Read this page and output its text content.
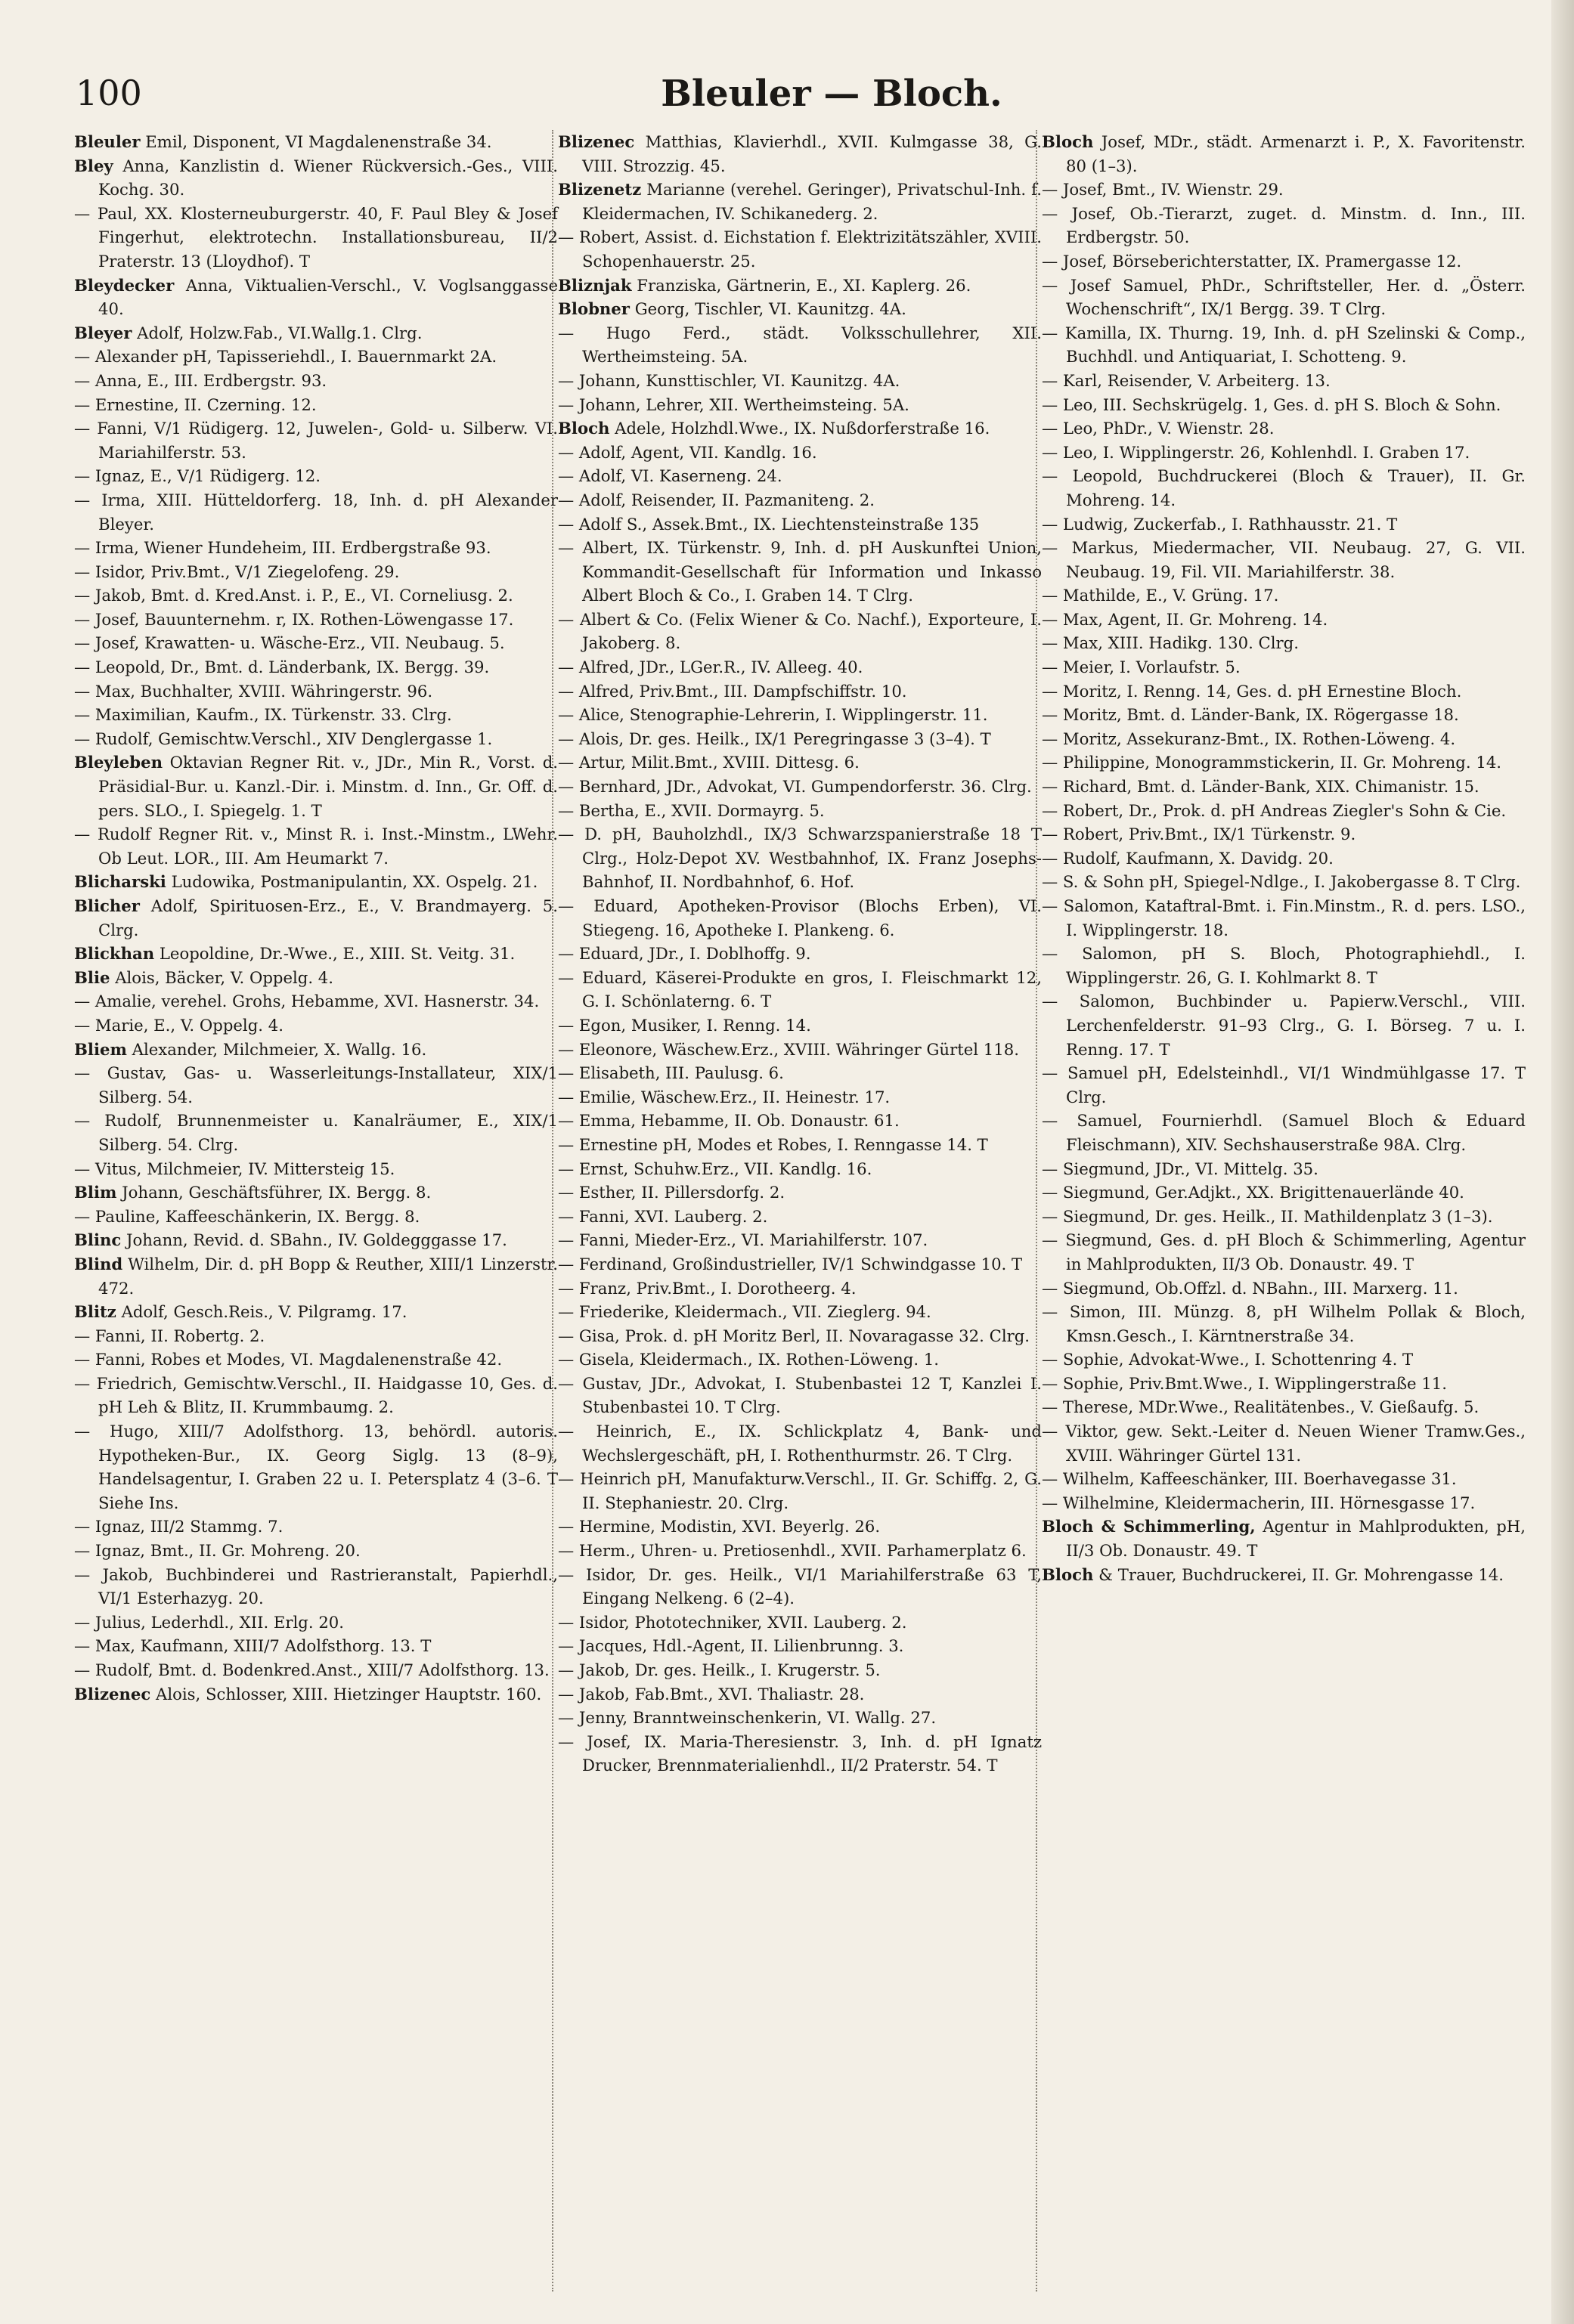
100	Bleuler — Bloch.

Bleuler Emil, Disponent, VI Magdalenenstraße 34.

Bley Anna, Kanzlistin d. Wiener Rückversich.-Ges., VIII. Kochg. 30.

— Paul, XX. Klosterneuburgerstr. 40, F. Paul Bley & Josef Fingerhut, elektrotechn. Installationsbureau, II/2 Praterstr. 13 (Lloydhof). T

Bleydecker Anna, Viktualien-Verschl., V. Voglsanggasse 40.

Bleyer Adolf, Holzw.Fab., VI.Wallg.1. Clrg.

— Alexander pH, Tapisseriehdl., I. Bauernmarkt 2A.

— Anna, E., III. Erdbergstr. 93.

— Ernestine, II. Czerning. 12.

— Fanni, V/1 Rüdigerg. 12, Juwelen-, Gold- u. Silberw. VI. Mariahilferstr. 53.

— Ignaz, E., V/1 Rüdigerg. 12.

— Irma, XIII. Hütteldorferg. 18, Inh. d. pH Alexander Bleyer.

— Irma, Wiener Hundeheim, III. Erdbergstraße 93.

— Isidor, Priv.Bmt., V/1 Ziegelofeng. 29.

— Jakob, Bmt. d. Kred.Anst. i. P., E., VI. Corneliusg. 2.

— Josef, Bauunternehm. r, IX. Rothen-Löwengasse 17.

— Josef, Krawatten- u. Wäsche-Erz., VII. Neubaug. 5.

— Leopold, Dr., Bmt. d. Länderbank, IX. Bergg. 39.

— Max, Buchhalter, XVIII. Währingerstr. 96.

— Maximilian, Kaufm., IX. Türkenstr. 33. Clrg.

— Rudolf, Gemischtw.Verschl., XIV Denglergasse 1.

Bleyleben Oktavian Regner Rit. v., JDr., Min R., Vorst. d. Präsidial-Bur. u. Kanzl.-Dir. i. Minstm. d. Inn., Gr. Off. d. pers. SLO., I. Spiegelg. 1. T

— Rudolf Regner Rit. v., Minst R. i. Inst.-Minstm., LWehr. Ob Leut. LOR., III. Am Heumarkt 7.

Blicharski Ludowika, Postmanipulantin, XX. Ospelg. 21.

Blicher Adolf, Spirituosen-Erz., E., V. Brandmayerg. 5. Clrg.

Blickhan Leopoldine, Dr.-Wwe., E., XIII. St. Veitg. 31.

Blie Alois, Bäcker, V. Oppelg. 4.

— Amalie, verehel. Grohs, Hebamme, XVI. Hasnerstr. 34.

— Marie, E., V. Oppelg. 4.

Bliem Alexander, Milchmeier, X. Wallg. 16.

— Gustav, Gas- u. Wasserleitungs-Installateur, XIX/1 Silberg. 54.

— Rudolf, Brunnenmeister u. Kanalräumer, E., XIX/1 Silberg. 54. Clrg.

— Vitus, Milchmeier, IV. Mittersteig 15.

Blim Johann, Geschäftsführer, IX. Bergg. 8.

— Pauline, Kaffeeschänkerin, IX. Bergg. 8.

Blinc Johann, Revid. d. SBahn., IV. Goldegggasse 17.

Blind Wilhelm, Dir. d. pH Bopp & Reuther, XIII/1 Linzerstr. 472.

Blitz Adolf, Gesch.Reis., V. Pilgramg. 17.

— Fanni, II. Robertg. 2.

— Fanni, Robes et Modes, VI. Magdalenenstraße 42.

— Friedrich, Gemischtw.Verschl., II. Haidgasse 10, Ges. d. pH Leh & Blitz, II. Krummbaumg. 2.

— Hugo, XIII/7 Adolfsthorg. 13, behördl. autoris. Hypotheken-Bur., IX. Georg Siglg. 13 (8–9), Handelsagentur, I. Graben 22 u. I. Petersplatz 4 (3–6. T Siehe Ins.

— Ignaz, III/2 Stammg. 7.

— Ignaz, Bmt., II. Gr. Mohreng. 20.

— Jakob, Buchbinderei und Rastrieranstalt, Papierhdl., VI/1 Esterhazyg. 20.

— Julius, Lederhdl., XII. Erlg. 20.

— Max, Kaufmann, XIII/7 Adolfsthorg. 13. T

— Rudolf, Bmt. d. Bodenkred.Anst., XIII/7 Adolfsthorg. 13.

Blizenec Alois, Schlosser, XIII. Hietzinger Hauptstr. 160.

Blizenec Matthias, Klavierhdl., XVII. Kulmgasse 38, G. VIII. Strozzig. 45.

Blizenetz Marianne (verehel. Geringer), Privatschul-Inh. f. Kleidermachen, IV. Schikanederg. 2.

— Robert, Assist. d. Eichstation f. Elektrizitätszähler, XVIII. Schopenhauerstr. 25.

Bliznjak Franziska, Gärtnerin, E., XI. Kaplerg. 26.

Blobner Georg, Tischler, VI. Kaunitzg. 4A.

— Hugo Ferd., städt. Volksschullehrer, XII. Wertheimsteing. 5A.

— Johann, Kunsttischler, VI. Kaunitzg. 4A.

— Johann, Lehrer, XII. Wertheimsteing. 5A.

Bloch Adele, Holzhdl.Wwe., IX. Nußdorferstraße 16.

— Adolf, Agent, VII. Kandlg. 16.

— Adolf, VI. Kaserneng. 24.

— Adolf, Reisender, II. Pazmaniteng. 2.

— Adolf S., Assek.Bmt., IX. Liechtensteinstraße 135

— Albert, IX. Türkenstr. 9, Inh. d. pH Auskunftei Union, Kommandit-Gesellschaft für Information und Inkasso Albert Bloch & Co., I. Graben 14. T Clrg.

— Albert & Co. (Felix Wiener & Co. Nachf.), Exporteure, I. Jakoberg. 8.

— Alfred, JDr., LGer.R., IV. Alleeg. 40.

— Alfred, Priv.Bmt., III. Dampfschiffstr. 10.

— Alice, Stenographie-Lehrerin, I. Wipplingerstr. 11.

— Alois, Dr. ges. Heilk., IX/1 Peregringasse 3 (3–4). T

— Artur, Milit.Bmt., XVIII. Dittesg. 6.

— Bernhard, JDr., Advokat, VI. Gumpendorferstr. 36. Clrg.

— Bertha, E., XVII. Dormayrg. 5.

— D. pH, Bauholzhdl., IX/3 Schwarzspanierstraße 18 T Clrg., Holz-Depot XV. Westbahnhof, IX. Franz Josephs-Bahnhof, II. Nordbahnhof, 6. Hof.

— Eduard, Apotheken-Provisor (Blochs Erben), VI. Stiegeng. 16, Apotheke I. Plankeng. 6.

— Eduard, JDr., I. Doblhoffg. 9.

— Eduard, Käserei-Produkte en gros, I. Fleischmarkt 12, G. I. Schönlaterng. 6. T

— Egon, Musiker, I. Renng. 14.

— Eleonore, Wäschew.Erz., XVIII. Währinger Gürtel 118.

— Elisabeth, III. Paulusg. 6.

— Emilie, Wäschew.Erz., II. Heinestr. 17.

— Emma, Hebamme, II. Ob. Donaustr. 61.

— Ernestine pH, Modes et Robes, I. Renngasse 14. T

— Ernst, Schuhw.Erz., VII. Kandlg. 16.

— Esther, II. Pillersdorfg. 2.

— Fanni, XVI. Lauberg. 2.

— Fanni, Mieder-Erz., VI. Mariahilferstr. 107.

— Ferdinand, Großindustrieller, IV/1 Schwindgasse 10. T

— Franz, Priv.Bmt., I. Dorotheerg. 4.

— Friederike, Kleidermach., VII. Zieglerg. 94.

— Gisa, Prok. d. pH Moritz Berl, II. Novaragasse 32. Clrg.

— Gisela, Kleidermach., IX. Rothen-Löweng. 1.

— Gustav, JDr., Advokat, I. Stubenbastei 12 T, Kanzlei I. Stubenbastei 10. T Clrg.

— Heinrich, E., IX. Schlickplatz 4, Bank- und Wechslergeschäft, pH, I. Rothenthurmstr. 26. T Clrg.

— Heinrich pH, Manufakturw.Verschl., II. Gr. Schiffg. 2, G. II. Stephaniestr. 20. Clrg.

— Hermine, Modistin, XVI. Beyerlg. 26.

— Herm., Uhren- u. Pretiosenhdl., XVII. Parhamerplatz 6.

— Isidor, Dr. ges. Heilk., VI/1 Mariahilferstraße 63 T, Eingang Nelkeng. 6 (2–4).

— Isidor, Phototechniker, XVII. Lauberg. 2.

— Jacques, Hdl.-Agent, II. Lilienbrunng. 3.

— Jakob, Dr. ges. Heilk., I. Krugerstr. 5.

— Jakob, Fab.Bmt., XVI. Thaliastr. 28.

— Jenny, Branntweinschenkerin, VI. Wallg. 27.

— Josef, IX. Maria-Theresienstr. 3, Inh. d. pH Ignatz Drucker, Brennmaterialienhdl., II/2 Praterstr. 54. T

Bloch Josef, MDr., städt. Armenarzt i. P., X. Favoritenstr. 80 (1–3).

— Josef, Bmt., IV. Wienstr. 29.

— Josef, Ob.-Tierarzt, zuget. d. Minstm. d. Inn., III. Erdbergstr. 50.

— Josef, Börseberichterstatter, IX. Pramergasse 12.

— Josef Samuel, PhDr., Schriftsteller, Her. d. „Österr. Wochenschrift“, IX/1 Bergg. 39. T Clrg.

— Kamilla, IX. Thurng. 19, Inh. d. pH Szelinski & Comp., Buchhdl. und Antiquariat, I. Schotteng. 9.

— Karl, Reisender, V. Arbeiterg. 13.

— Leo, III. Sechskrügelg. 1, Ges. d. pH S. Bloch & Sohn.

— Leo, PhDr., V. Wienstr. 28.

— Leo, I. Wipplingerstr. 26, Kohlenhdl. I. Graben 17.

— Leopold, Buchdruckerei (Bloch & Trauer), II. Gr. Mohreng. 14.

— Ludwig, Zuckerfab., I. Rathhausstr. 21. T

— Markus, Miedermacher, VII. Neubaug. 27, G. VII. Neubaug. 19, Fil. VII. Mariahilferstr. 38.

— Mathilde, E., V. Grüng. 17.

— Max, Agent, II. Gr. Mohreng. 14.

— Max, XIII. Hadikg. 130. Clrg.

— Meier, I. Vorlaufstr. 5.

— Moritz, I. Renng. 14, Ges. d. pH Ernestine Bloch.

— Moritz, Bmt. d. Länder-Bank, IX. Rögergasse 18.

— Moritz, Assekuranz-Bmt., IX. Rothen-Löweng. 4.

— Philippine, Monogrammstickerin, II. Gr. Mohreng. 14.

— Richard, Bmt. d. Länder-Bank, XIX. Chimanistr. 15.

— Robert, Dr., Prok. d. pH Andreas Ziegler's Sohn & Cie.

— Robert, Priv.Bmt., IX/1 Türkenstr. 9.

— Rudolf, Kaufmann, X. Davidg. 20.

— S. & Sohn pH, Spiegel-Ndlge., I. Jakobergasse 8. T Clrg.

— Salomon, Kataftral-Bmt. i. Fin.Minstm., R. d. pers. LSO., I. Wipplingerstr. 18.

— Salomon, pH S. Bloch, Photographiehdl., I. Wipplingerstr. 26, G. I. Kohlmarkt 8. T

— Salomon, Buchbinder u. Papierw.Verschl., VIII. Lerchenfelderstr. 91–93 Clrg., G. I. Börseg. 7 u. I. Renng. 17. T

— Samuel pH, Edelsteinhdl., VI/1 Windmühlgasse 17. T Clrg.

— Samuel, Fournierhdl. (Samuel Bloch & Eduard Fleischmann), XIV. Sechshauserstraße 98A. Clrg.

— Siegmund, JDr., VI. Mittelg. 35.

— Siegmund, Ger.Adjkt., XX. Brigittenauerlände 40.

— Siegmund, Dr. ges. Heilk., II. Mathildenplatz 3 (1–3).

— Siegmund, Ges. d. pH Bloch & Schimmerling, Agentur in Mahlprodukten, II/3 Ob. Donaustr. 49. T

— Siegmund, Ob.Offzl. d. NBahn., III. Marxerg. 11.

— Simon, III. Münzg. 8, pH Wilhelm Pollak & Bloch, Kmsn.Gesch., I. Kärntnerstraße 34.

— Sophie, Advokat-Wwe., I. Schottenring 4. T

— Sophie, Priv.Bmt.Wwe., I. Wipplingerstraße 11.

— Therese, MDr.Wwe., Realitätenbes., V. Gießaufg. 5.

— Viktor, gew. Sekt.-Leiter d. Neuen Wiener Tramw.Ges., XVIII. Währinger Gürtel 131.

— Wilhelm, Kaffeeschänker, III. Boerhavegasse 31.

— Wilhelmine, Kleidermacherin, III. Hörnesgasse 17.

Bloch & Schimmerling, Agentur in Mahlprodukten, pH, II/3 Ob. Donaustr. 49. T

Bloch & Trauer, Buchdruckerei, II. Gr. Mohrengasse 14.
